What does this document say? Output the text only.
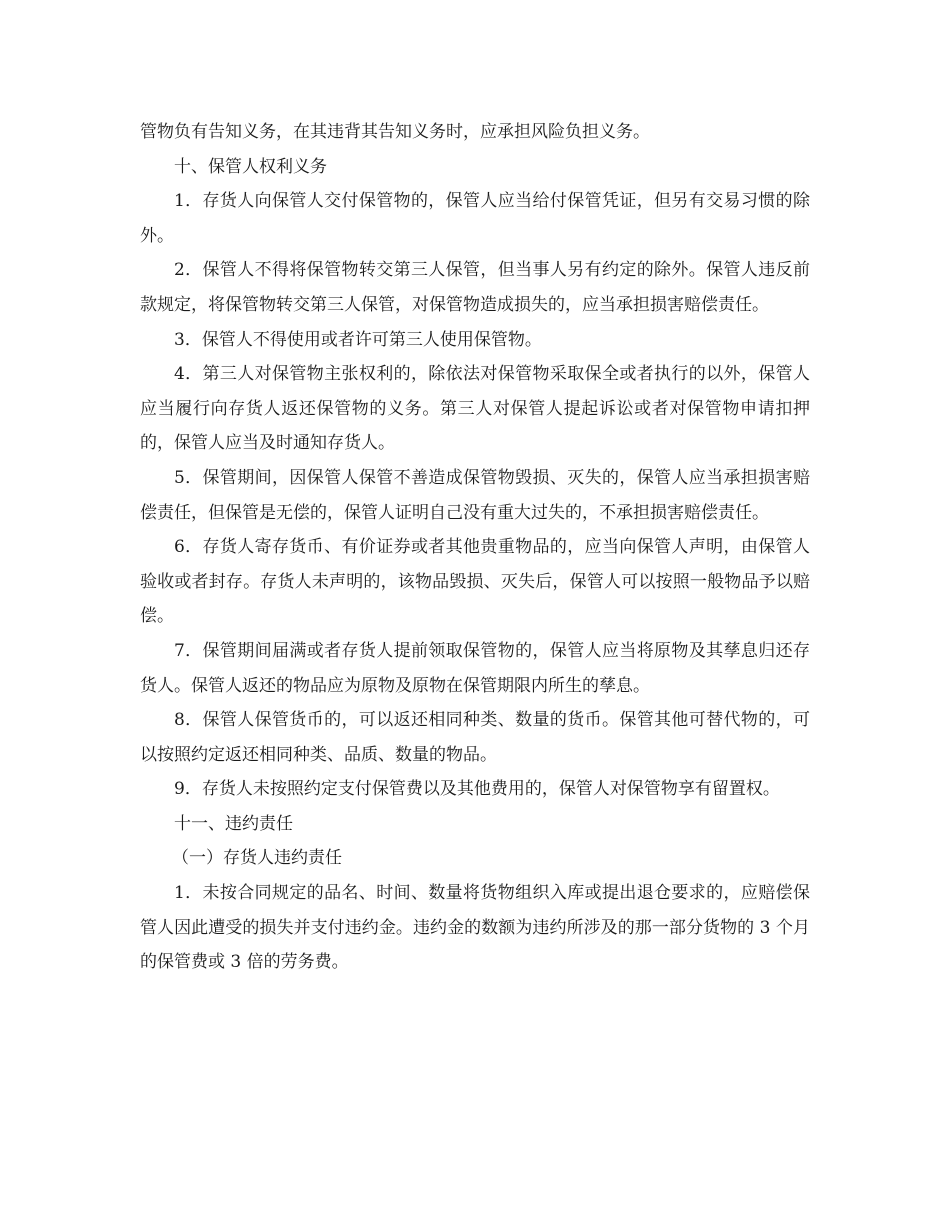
管物负有告知义务，在其违背其告知义务时，应承担风险负担义务。

十、保管人权利义务

1．存货人向保管人交付保管物的，保管人应当给付保管凭证，但另有交易习惯的除外。

2．保管人不得将保管物转交第三人保管，但当事人另有约定的除外。保管人违反前款规定，将保管物转交第三人保管，对保管物造成损失的，应当承担损害赔偿责任。

3．保管人不得使用或者许可第三人使用保管物。

4．第三人对保管物主张权利的，除依法对保管物采取保全或者执行的以外，保管人应当履行向存货人返还保管物的义务。第三人对保管人提起诉讼或者对保管物申请扣押的，保管人应当及时通知存货人。

5．保管期间，因保管人保管不善造成保管物毁损、灭失的，保管人应当承担损害赔偿责任，但保管是无偿的，保管人证明自己没有重大过失的，不承担损害赔偿责任。

6．存货人寄存货币、有价证券或者其他贵重物品的，应当向保管人声明，由保管人验收或者封存。存货人未声明的，该物品毁损、灭失后，保管人可以按照一般物品予以赔偿。

7．保管期间届满或者存货人提前领取保管物的，保管人应当将原物及其孳息归还存货人。保管人返还的物品应为原物及原物在保管期限内所生的孳息。

8．保管人保管货币的，可以返还相同种类、数量的货币。保管其他可替代物的，可以按照约定返还相同种类、品质、数量的物品。

9．存货人未按照约定支付保管费以及其他费用的，保管人对保管物享有留置权。

十一、违约责任

（一）存货人违约责任

1．未按合同规定的品名、时间、数量将货物组织入库或提出退仓要求的，应赔偿保管人因此遭受的损失并支付违约金。违约金的数额为违约所涉及的那一部分货物的 3 个月的保管费或 3 倍的劳务费。
